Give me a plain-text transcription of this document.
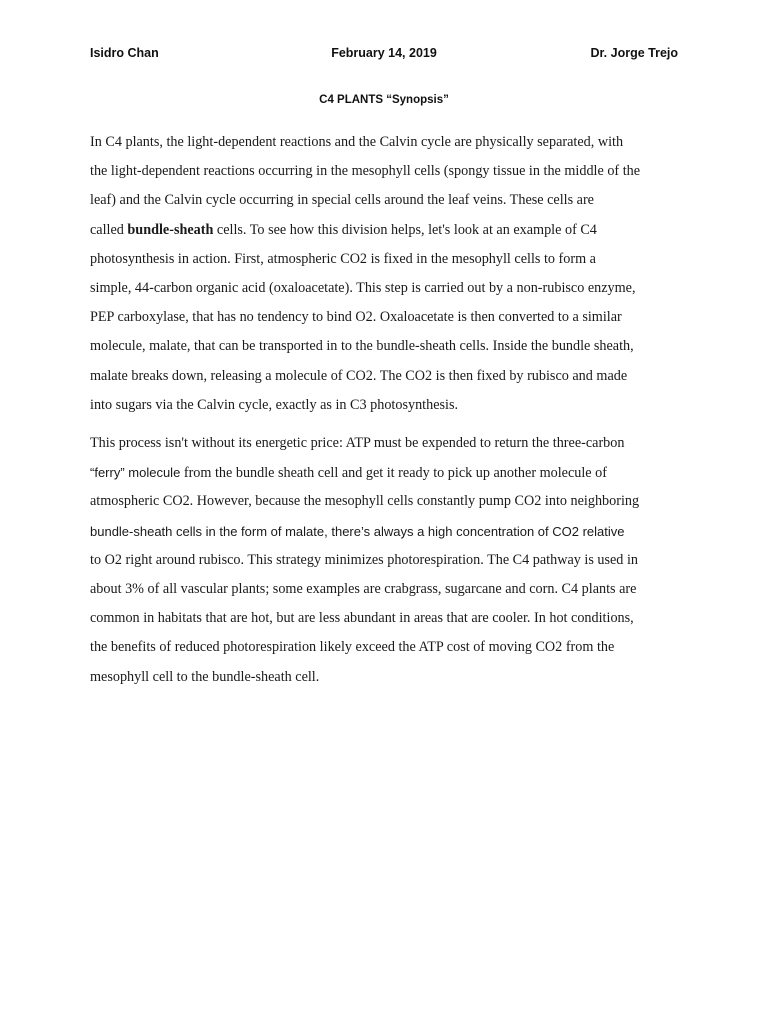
Isidro Chan	February 14, 2019	Dr. Jorge Trejo
C4 PLANTS “Synopsis”
In C4 plants, the light-dependent reactions and the Calvin cycle are physically separated, with
the light-dependent reactions occurring in the mesophyll cells (spongy tissue in the middle of the
leaf) and the Calvin cycle occurring in special cells around the leaf veins. These cells are
called bundle-sheath cells. To see how this division helps, let's look at an example of C4
photosynthesis in action. First, atmospheric CO2 is fixed in the mesophyll cells to form a
simple, 44-carbon organic acid (oxaloacetate). This step is carried out by a non-rubisco enzyme,
PEP carboxylase, that has no tendency to bind O2. Oxaloacetate is then converted to a similar
molecule, malate, that can be transported in to the bundle-sheath cells. Inside the bundle sheath,
malate breaks down, releasing a molecule of CO2. The CO2 is then fixed by rubisco and made
into sugars via the Calvin cycle, exactly as in C3 photosynthesis.
This process isn't without its energetic price: ATP must be expended to return the three-carbon
“ferry” molecule from the bundle sheath cell and get it ready to pick up another molecule of
atmospheric CO2. However, because the mesophyll cells constantly pump CO2 into neighboring
bundle-sheath cells in the form of malate, there’s always a high concentration of CO2 relative
to O2 right around rubisco. This strategy minimizes photorespiration. The C4 pathway is used in
about 3% of all vascular plants; some examples are crabgrass, sugarcane and corn. C4 plants are
common in habitats that are hot, but are less abundant in areas that are cooler. In hot conditions,
the benefits of reduced photorespiration likely exceed the ATP cost of moving CO2 from the
mesophyll cell to the bundle-sheath cell.
